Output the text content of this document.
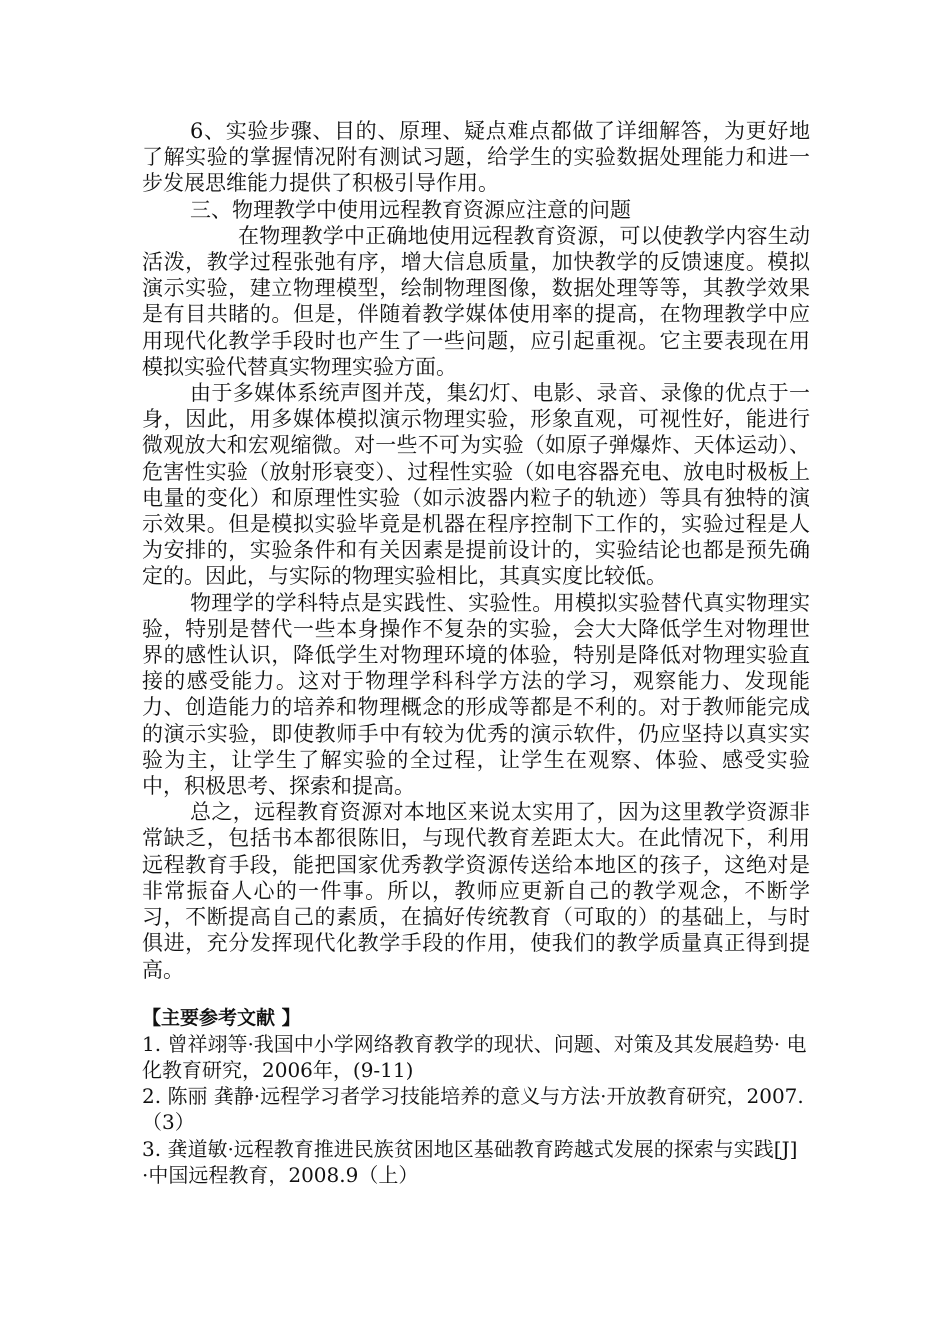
6、实验步骤、目的、原理、疑点难点都做了详细解答，为更好地了解实验的掌握情况附有测试习题，给学生的实验数据处理能力和进一步发展思维能力提供了积极引导作用。

三、物理教学中使用远程教育资源应注意的问题

在物理教学中正确地使用远程教育资源，可以使教学内容生动活泼，教学过程张弛有序，增大信息质量，加快教学的反馈速度。模拟演示实验，建立物理模型，绘制物理图像，数据处理等等，其教学效果是有目共睹的。但是，伴随着教学媒体使用率的提高，在物理教学中应用现代化教学手段时也产生了一些问题，应引起重视。它主要表现在用模拟实验代替真实物理实验方面。

由于多媒体系统声图并茂，集幻灯、电影、录音、录像的优点于一身，因此，用多媒体模拟演示物理实验，形象直观，可视性好，能进行微观放大和宏观缩微。对一些不可为实验（如原子弹爆炸、天体运动）、危害性实验（放射形衰变）、过程性实验（如电容器充电、放电时极板上电量的变化）和原理性实验（如示波器内粒子的轨迹）等具有独特的演示效果。但是模拟实验毕竟是机器在程序控制下工作的，实验过程是人为安排的，实验条件和有关因素是提前设计的，实验结论也都是预先确定的。因此，与实际的物理实验相比，其真实度比较低。

物理学的学科特点是实践性、实验性。用模拟实验替代真实物理实验，特别是替代一些本身操作不复杂的实验，会大大降低学生对物理世界的感性认识，降低学生对物理环境的体验，特别是降低对物理实验直接的感受能力。这对于物理学科科学方法的学习，观察能力、发现能力、创造能力的培养和物理概念的形成等都是不利的。对于教师能完成的演示实验，即使教师手中有较为优秀的演示软件，仍应坚持以真实实验为主，让学生了解实验的全过程，让学生在观察、体验、感受实验中，积极思考、探索和提高。

总之，远程教育资源对本地区来说太实用了，因为这里教学资源非常缺乏，包括书本都很陈旧，与现代教育差距太大。在此情况下，利用远程教育手段，能把国家优秀教学资源传送给本地区的孩子，这绝对是非常振奋人心的一件事。所以，教师应更新自己的教学观念，不断学习，不断提高自己的素质，在搞好传统教育（可取的）的基础上，与时俱进，充分发挥现代化教学手段的作用，使我们的教学质量真正得到提高。

【主要参考文献 】

1. 曾祥翊等·我国中小学网络教育教学的现状、问题、对策及其发展趋势· 电化教育研究，2006年，(9-11)

2. 陈丽 龚静·远程学习者学习技能培养的意义与方法·开放教育研究，2007.（3）

3. 龚道敏·远程教育推进民族贫困地区基础教育跨越式发展的探索与实践[J] ·中国远程教育，2008.9（上）
